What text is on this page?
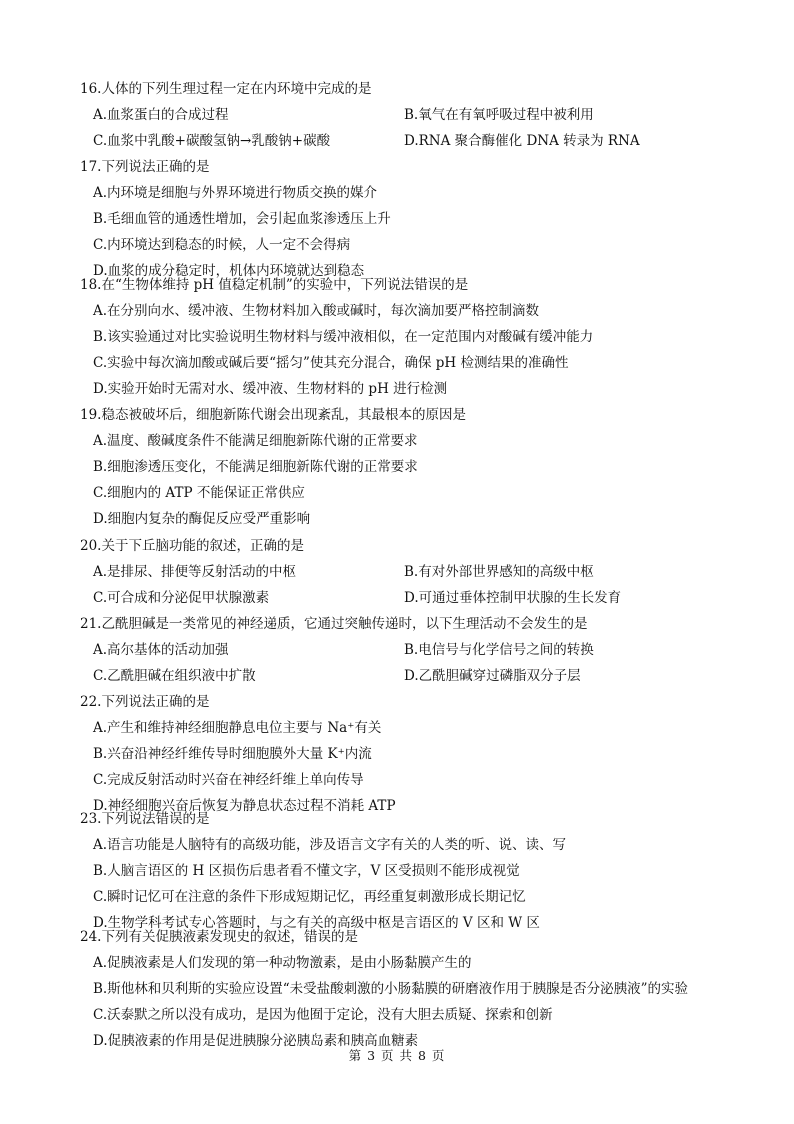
16.人体的下列生理过程一定在内环境中完成的是
A.血浆蛋白的合成过程	B.氧气在有氧呼吸过程中被利用
C.血浆中乳酸+碳酸氢钠→乳酸钠+碳酸	D.RNA 聚合酶催化 DNA 转录为 RNA
17.下列说法正确的是
A.内环境是细胞与外界环境进行物质交换的媒介
B.毛细血管的通透性增加，会引起血浆渗透压上升
C.内环境达到稳态的时候，人一定不会得病
D.血浆的成分稳定时，机体内环境就达到稳态
18.在“生物体维持 pH 值稳定机制”的实验中，下列说法错误的是
A.在分别向水、缓冲液、生物材料加入酸或碱时，每次滴加要严格控制滴数
B.该实验通过对比实验说明生物材料与缓冲液相似，在一定范围内对酸碱有缓冲能力
C.实验中每次滴加酸或碱后要“摇匀”使其充分混合，确保 pH 检测结果的准确性
D.实验开始时无需对水、缓冲液、生物材料的 pH 进行检测
19.稳态被破坏后，细胞新陈代谢会出现紊乱，其最根本的原因是
A.温度、酸碱度条件不能满足细胞新陈代谢的正常要求
B.细胞渗透压变化，不能满足细胞新陈代谢的正常要求
C.细胞内的 ATP 不能保证正常供应
D.细胞内复杂的酶促反应受严重影响
20.关于下丘脑功能的叙述，正确的是
A.是排尿、排便等反射活动的中枢	B.有对外部世界感知的高级中枢
C.可合成和分泌促甲状腺激素	D.可通过垂体控制甲状腺的生长发育
21.乙酰胆碱是一类常见的神经递质，它通过突触传递时，以下生理活动不会发生的是
A.高尔基体的活动加强	B.电信号与化学信号之间的转换
C.乙酰胆碱在组织液中扩散	D.乙酰胆碱穿过磷脂双分子层
22.下列说法正确的是
A.产生和维持神经细胞静息电位主要与 Na⁺有关
B.兴奋沿神经纤维传导时细胞膜外大量 K⁺内流
C.完成反射活动时兴奋在神经纤维上单向传导
D.神经细胞兴奋后恢复为静息状态过程不消耗 ATP
23.下列说法错误的是
A.语言功能是人脑特有的高级功能，涉及语言文字有关的人类的听、说、读、写
B.人脑言语区的 H 区损伤后患者看不懂文字，V 区受损则不能形成视觉
C.瞬时记忆可在注意的条件下形成短期记忆，再经重复刺激形成长期记忆
D.生物学科考试专心答题时，与之有关的高级中枢是言语区的 V 区和 W 区
24.下列有关促胰液素发现史的叙述，错误的是
A.促胰液素是人们发现的第一种动物激素，是由小肠黏膜产生的
B.斯他林和贝利斯的实验应设置“未受盐酸刺激的小肠黏膜的研磨液作用于胰腺是否分泌胰液”的实验
C.沃泰默之所以没有成功，是因为他囿于定论，没有大胆去质疑、探索和创新
D.促胰液素的作用是促进胰腺分泌胰岛素和胰高血糖素
第 3 页 共 8 页
